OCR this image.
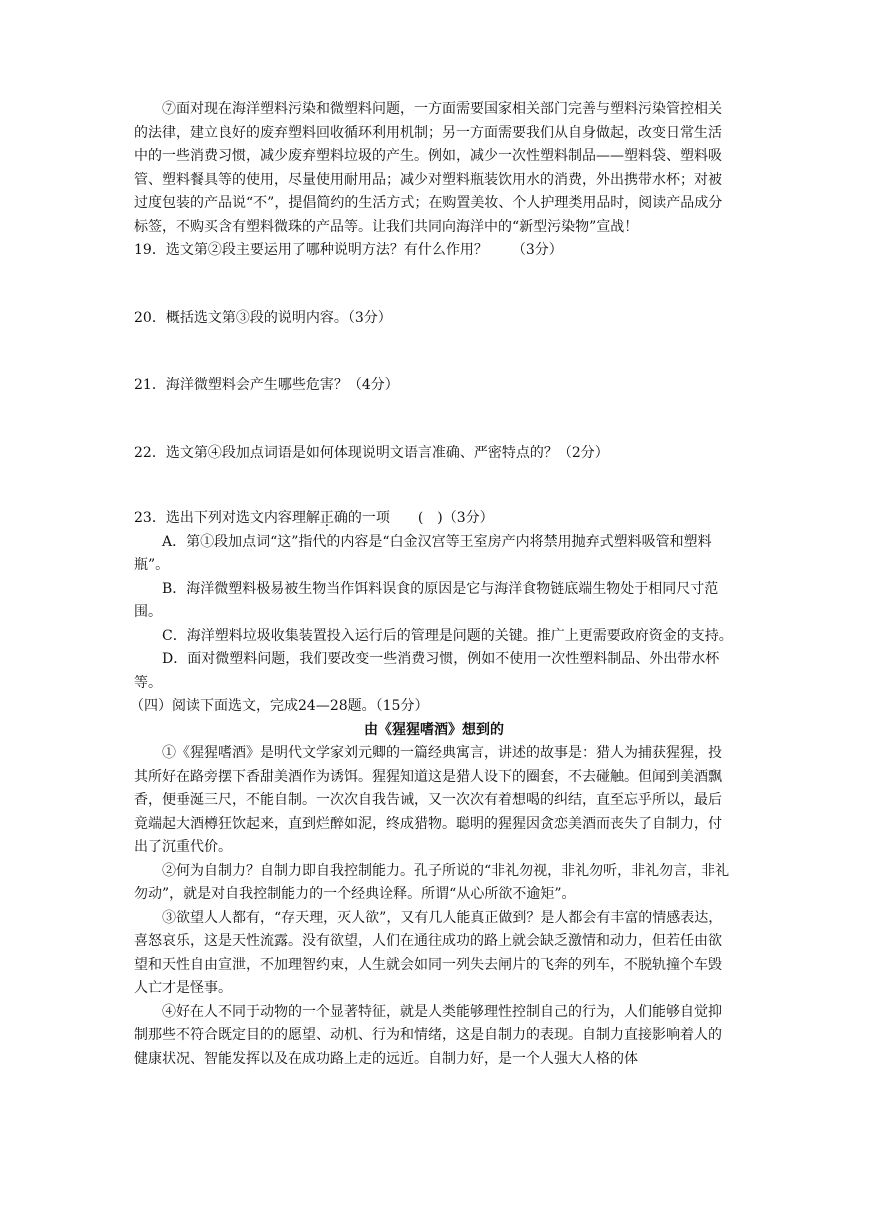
⑦面对现在海洋塑料污染和微塑料问题，一方面需要国家相关部门完善与塑料污染管控相关的法律，建立良好的废弃塑料回收循环利用机制；另一方面需要我们从自身做起，改变日常生活中的一些消费习惯，减少废弃塑料垃圾的产生。例如，减少一次性塑料制品——塑料袋、塑料吸管、塑料餐具等的使用，尽量使用耐用品；减少对塑料瓶装饮用水的消费，外出携带水杯；对被过度包装的产品说“不”，提倡简约的生活方式；在购置美妆、个人护理类用品时，阅读产品成分标签，不购买含有塑料微珠的产品等。让我们共同向海洋中的“新型污染物”宣战！

19．选文第②段主要运用了哪种说明方法？有什么作用？ （3分）

20．概括选文第③段的说明内容。（3分）

21．海洋微塑料会产生哪些危害？（4分）

22．选文第④段加点词语是如何体现说明文语言准确、严密特点的？（2分）

23．选出下列对选文内容理解正确的一项　　(　)（3分）

A．第①段加点词“这”指代的内容是“白金汉宫等王室房产内将禁用抛弃式塑料吸管和塑料瓶”。

B．海洋微塑料极易被生物当作饵料误食的原因是它与海洋食物链底端生物处于相同尺寸范围。

C．海洋塑料垃圾收集装置投入运行后的管理是问题的关键。推广上更需要政府资金的支持。

D．面对微塑料问题，我们要改变一些消费习惯，例如不使用一次性塑料制品、外出带水杯等。

（四）阅读下面选文，完成24—28题。（15分）

由《猩猩嗜酒》想到的

①《猩猩嗜酒》是明代文学家刘元卿的一篇经典寓言，讲述的故事是：猎人为捕获猩猩，投其所好在路旁摆下香甜美酒作为诱饵。猩猩知道这是猎人设下的圈套，不去碰触。但闻到美酒飘香，便垂涎三尺，不能自制。一次次自我告诫，又一次次有着想喝的纠结，直至忘乎所以，最后竟端起大酒樽狂饮起来，直到烂醉如泥，终成猎物。聪明的猩猩因贪恋美酒而丧失了自制力，付出了沉重代价。

②何为自制力？自制力即自我控制能力。孔子所说的“非礼勿视，非礼勿听，非礼勿言，非礼勿动”，就是对自我控制能力的一个经典诠释。所谓“从心所欲不逾矩”。

③欲望人人都有，“存天理，灭人欲”，又有几人能真正做到？是人都会有丰富的情感表达，喜怒哀乐，这是天性流露。没有欲望，人们在通往成功的路上就会缺乏激情和动力，但若任由欲望和天性自由宣泄，不加理智约束，人生就会如同一列失去闸片的飞奔的列车，不脱轨撞个车毁人亡才是怪事。

④好在人不同于动物的一个显著特征，就是人类能够理性控制自己的行为，人们能够自觉抑制那些不符合既定目的的愿望、动机、行为和情绪，这是自制力的表现。自制力直接影响着人的健康状况、智能发挥以及在成功路上走的远近。自制力好，是一个人强大人格的体
